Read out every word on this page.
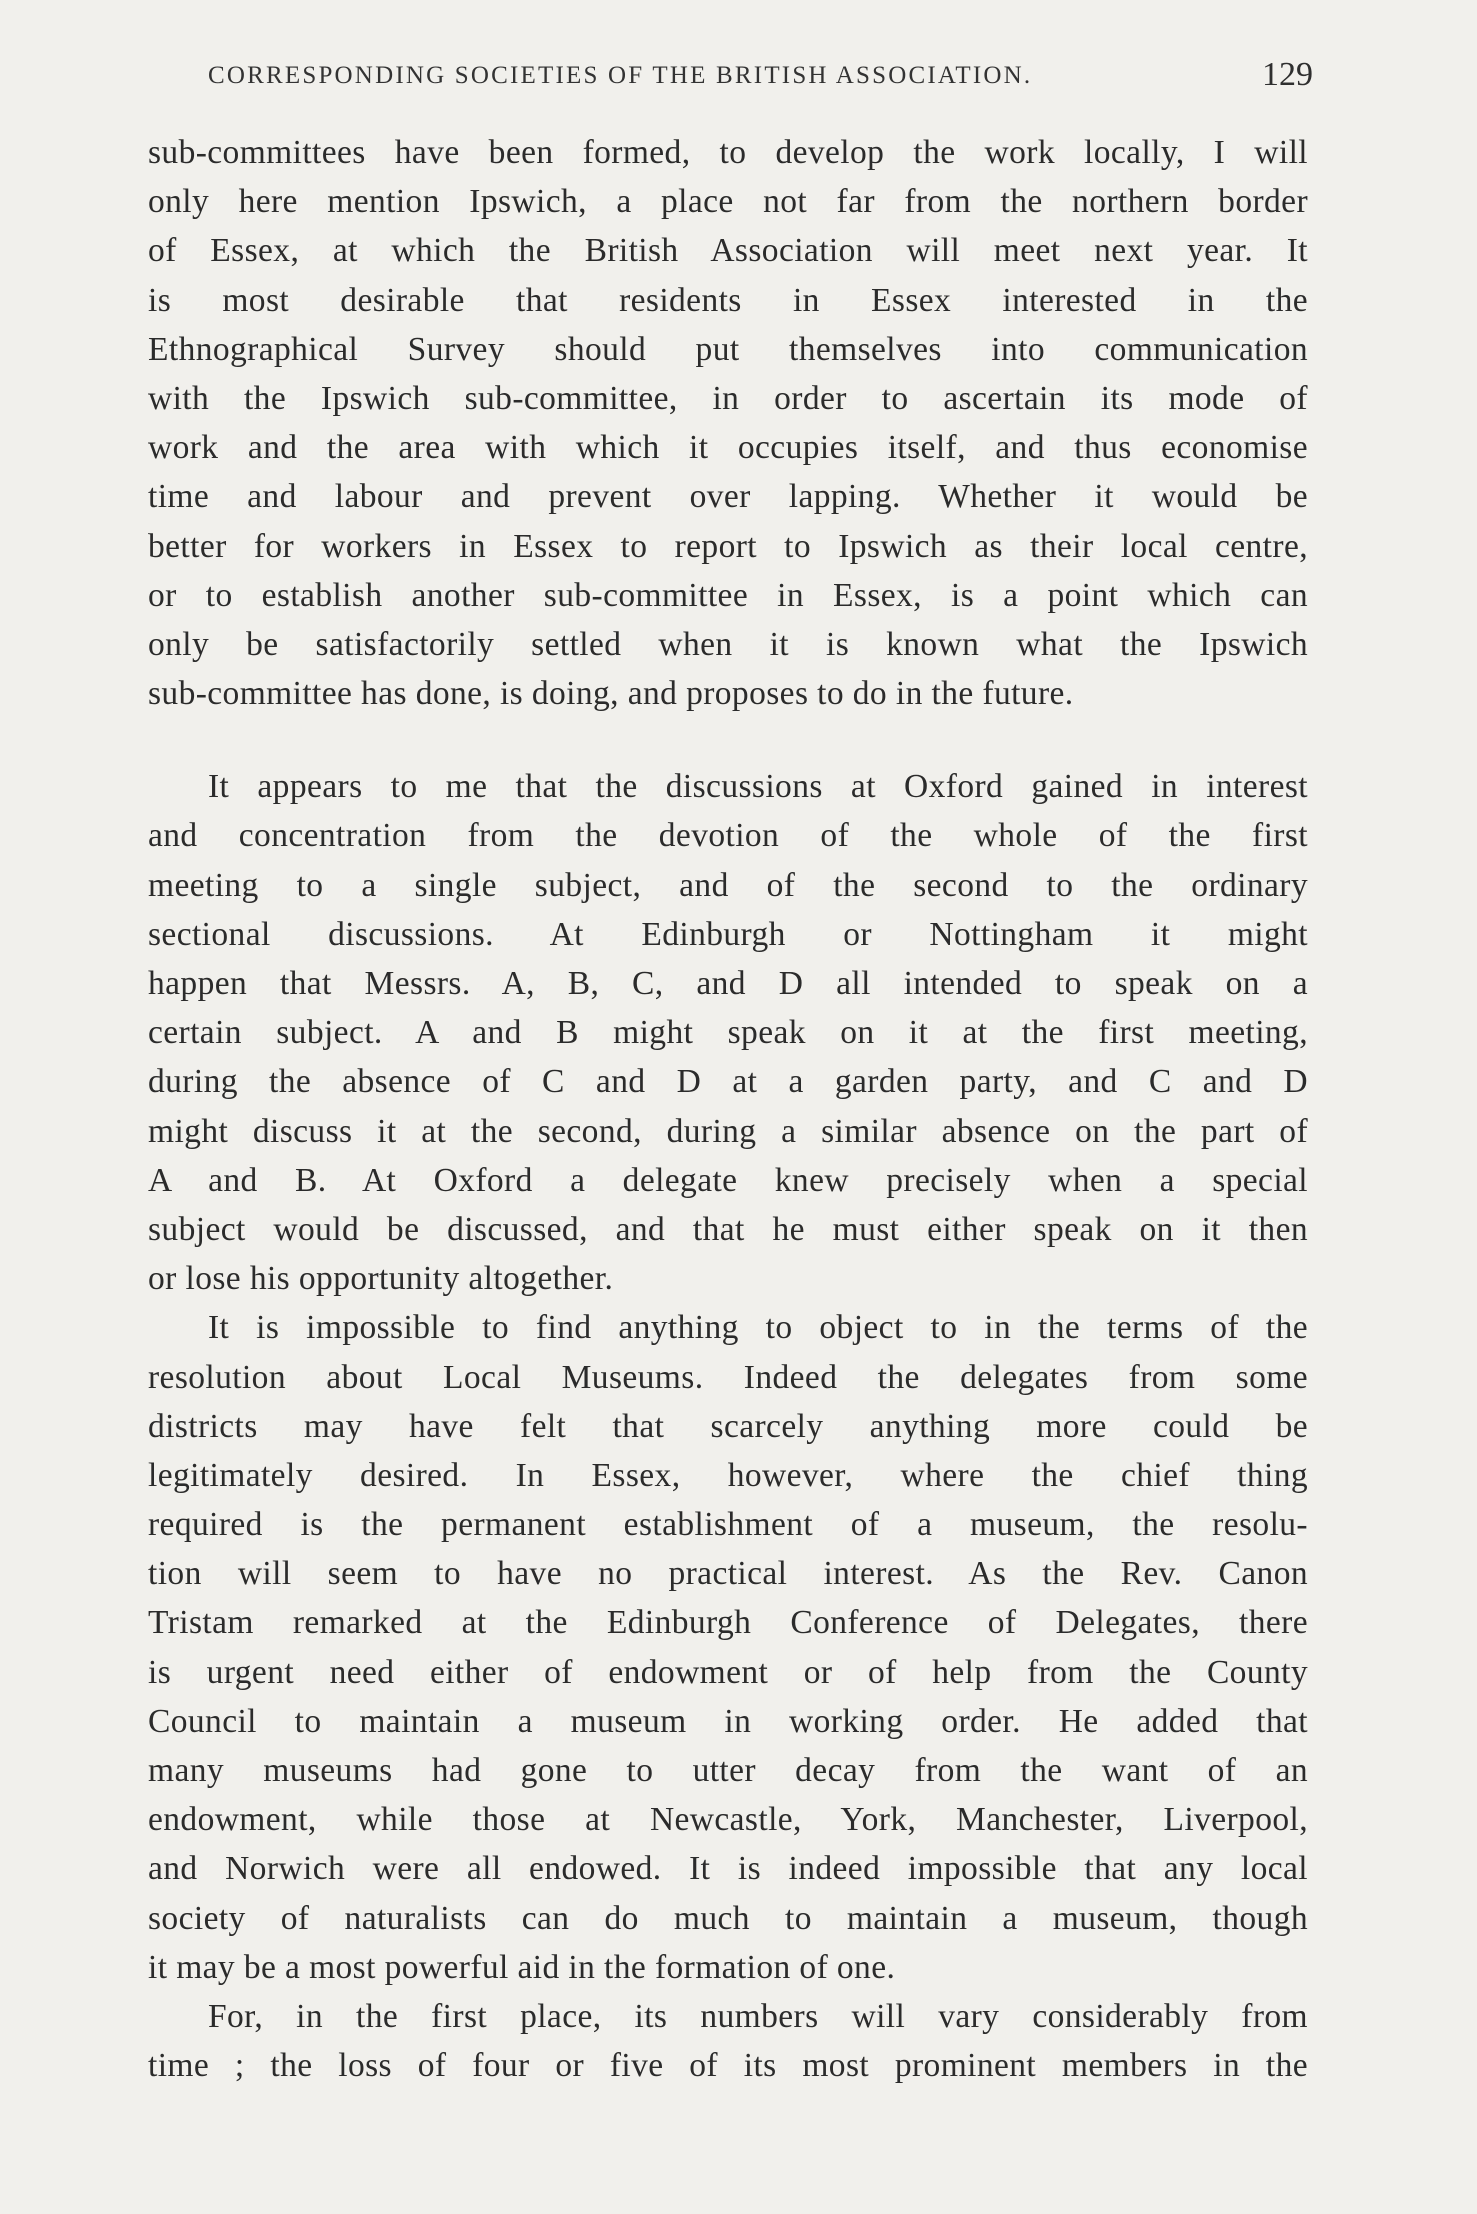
CORRESPONDING SOCIETIES OF THE BRITISH ASSOCIATION.	129
sub-committees have been formed, to develop the work locally, I will
only here mention Ipswich, a place not far from the northern border
of Essex, at which the British Association will meet next year. It
is most desirable that residents in Essex interested in the
Ethnographical Survey should put themselves into communication
with the Ipswich sub-committee, in order to ascertain its mode of
work and the area with which it occupies itself, and thus economise
time and labour and prevent over lapping. Whether it would be
better for workers in Essex to report to Ipswich as their local centre,
or to establish another sub-committee in Essex, is a point which can
only be satisfactorily settled when it is known what the Ipswich
sub-committee has done, is doing, and proposes to do in the future.
It appears to me that the discussions at Oxford gained in interest
and concentration from the devotion of the whole of the first
meeting to a single subject, and of the second to the ordinary
sectional discussions. At Edinburgh or Nottingham it might
happen that Messrs. A, B, C, and D all intended to speak on a
certain subject. A and B might speak on it at the first meeting,
during the absence of C and D at a garden party, and C and D
might discuss it at the second, during a similar absence on the part of
A and B. At Oxford a delegate knew precisely when a special
subject would be discussed, and that he must either speak on it then
or lose his opportunity altogether.
It is impossible to find anything to object to in the terms of the
resolution about Local Museums. Indeed the delegates from some
districts may have felt that scarcely anything more could be
legitimately desired. In Essex, however, where the chief thing
required is the permanent establishment of a museum, the resolu-
tion will seem to have no practical interest. As the Rev. Canon
Tristam remarked at the Edinburgh Conference of Delegates, there
is urgent need either of endowment or of help from the County
Council to maintain a museum in working order. He added that
many museums had gone to utter decay from the want of an
endowment, while those at Newcastle, York, Manchester, Liverpool,
and Norwich were all endowed. It is indeed impossible that any local
society of naturalists can do much to maintain a museum, though
it may be a most powerful aid in the formation of one.
For, in the first place, its numbers will vary considerably from
time ; the loss of four or five of its most prominent members in the
